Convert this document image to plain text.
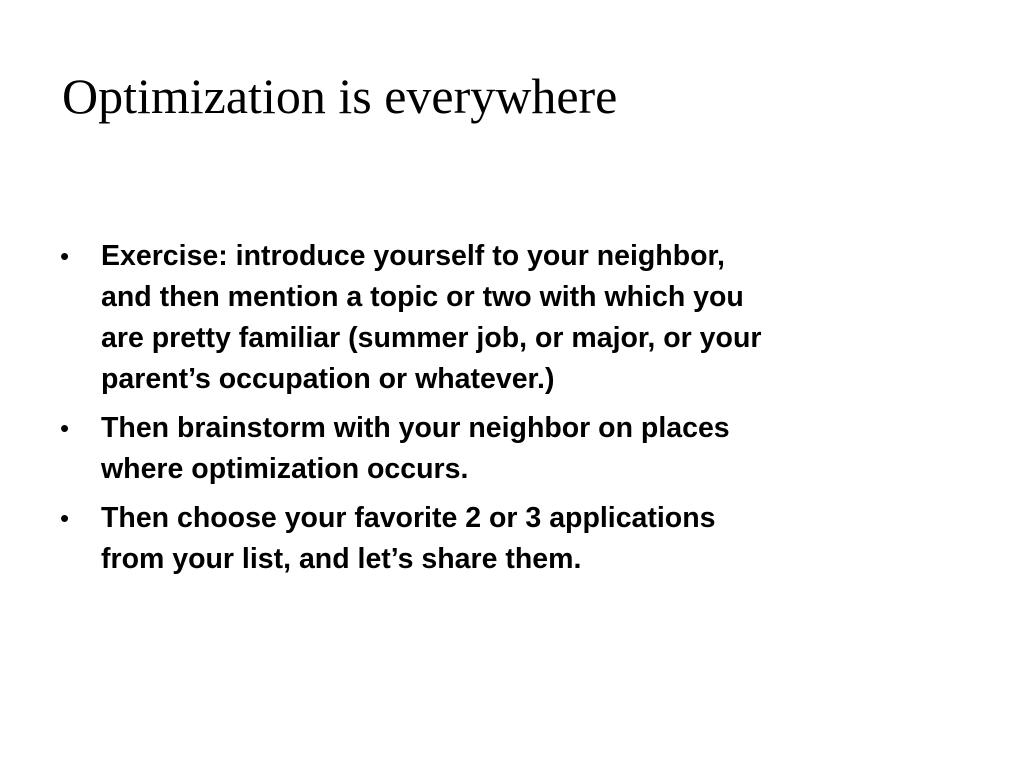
Optimization is everywhere
• Exercise: introduce yourself to your neighbor,
and then mention a topic or two with which you
are pretty familiar (summer job, or major, or your
parent’s occupation or whatever.)
• Then brainstorm with your neighbor on places
where optimization occurs.
• Then choose your favorite 2 or 3 applications
from your list, and let’s share them.
